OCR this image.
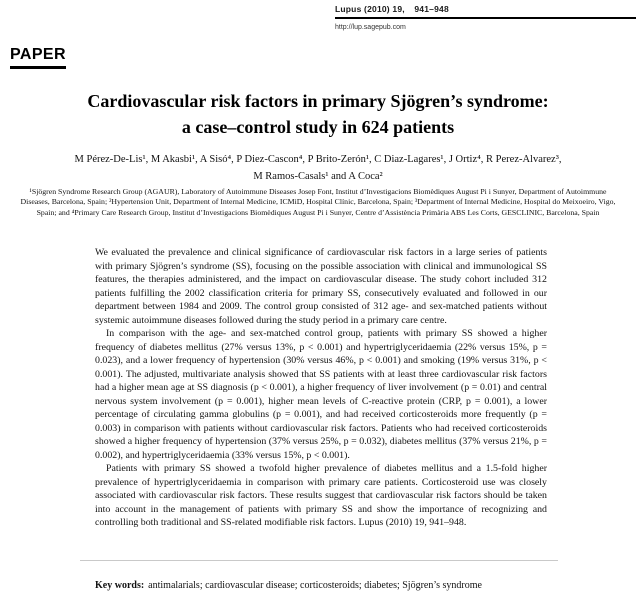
Lupus (2010) 19, 941–948
http://lup.sagepub.com
PAPER
Cardiovascular risk factors in primary Sjögren’s syndrome:
a case–control study in 624 patients
M Pérez-De-Lis¹, M Akasbi¹, A Sisó⁴, P Diez-Cascon⁴, P Brito-Zerón¹, C Diaz-Lagares¹, J Ortiz⁴, R Perez-Alvarez³,
M Ramos-Casals¹ and A Coca²
¹Sjögren Syndrome Research Group (AGAUR), Laboratory of Autoimmune Diseases Josep Font, Institut d’Investigacions Biomèdiques August Pi i Sunyer, Department of Autoimmune Diseases, Barcelona, Spain; ²Hypertension Unit, Department of Internal Medicine, ICMiD, Hospital Clínic, Barcelona, Spain; ³Department of Internal Medicine, Hospital do Meixoeiro, Vigo, Spain; and ⁴Primary Care Research Group, Institut d’Investigacions Biomèdiques August Pi i Sunyer, Centre d’Assistència Primària ABS Les Corts, GESCLINIC, Barcelona, Spain

We evaluated the prevalence and clinical significance of cardiovascular risk factors in a large series of patients with primary Sjögren’s syndrome (SS), focusing on the possible association with clinical and immunological SS features, the therapies administered, and the impact on cardiovascular disease. The study cohort included 312 patients fulfilling the 2002 classification criteria for primary SS, consecutively evaluated and followed in our department between 1984 and 2009. The control group consisted of 312 age- and sex-matched patients without systemic autoimmune diseases followed during the study period in a primary care centre.

In comparison with the age- and sex-matched control group, patients with primary SS showed a higher frequency of diabetes mellitus (27% versus 13%, p < 0.001) and hypertriglyceridaemia (22% versus 15%, p = 0.023), and a lower frequency of hypertension (30% versus 46%, p < 0.001) and smoking (19% versus 31%, p < 0.001). The adjusted, multivariate analysis showed that SS patients with at least three cardiovascular risk factors had a higher mean age at SS diagnosis (p < 0.001), a higher frequency of liver involvement (p = 0.01) and central nervous system involvement (p = 0.001), higher mean levels of C-reactive protein (CRP, p = 0.001), a lower percentage of circulating gamma globulins (p = 0.001), and had received corticosteroids more frequently (p = 0.003) in comparison with patients without cardiovascular risk factors. Patients who had received corticosteroids showed a higher frequency of hypertension (37% versus 25%, p = 0.032), diabetes mellitus (37% versus 21%, p = 0.002), and hypertriglyceridaemia (33% versus 15%, p < 0.001).

Patients with primary SS showed a twofold higher prevalence of diabetes mellitus and a 1.5-fold higher prevalence of hypertriglyceridaemia in comparison with primary care patients. Corticosteroid use was closely associated with cardiovascular risk factors. These results suggest that cardiovascular risk factors should be taken into account in the management of patients with primary SS and show the importance of recognizing and controlling both traditional and SS-related modifiable risk factors. Lupus (2010) 19, 941–948.

Key words: antimalarials; cardiovascular disease; corticosteroids; diabetes; Sjögren’s syndrome
